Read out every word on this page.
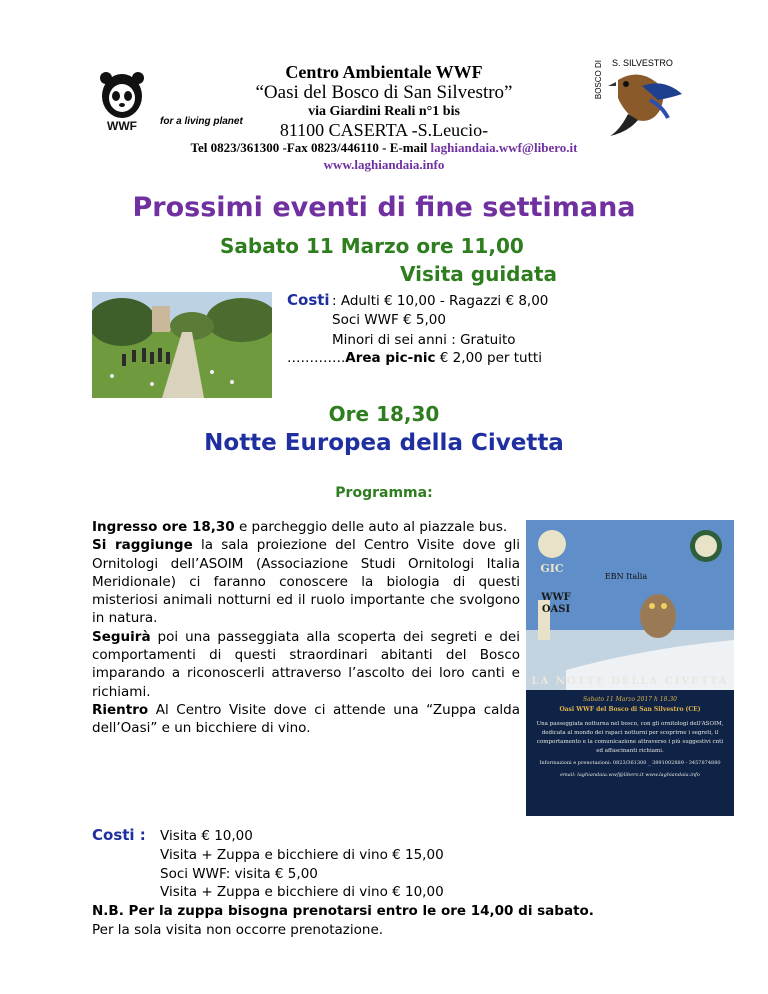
WWF for a living planet
Centro Ambientale WWF
“Oasi del Bosco di San Silvestro”
via Giardini Reali n°1 bis
81100 CASERTA -S.Leucio-
Tel 0823/361300 -Fax 0823/446110 - E-mail laghiandaia.wwf@libero.it
www.laghiandaia.info
BOSCO DI S. SILVESTRO
Prossimi eventi di fine settimana
Sabato 11 Marzo ore 11,00
Visita guidata
Costi : Adulti € 10,00 - Ragazzi € 8,00
Soci WWF € 5,00
Minori di sei anni : Gratuito
………….Area pic-nic € 2,00 per tutti
Ore 18,30
Notte Europea della Civetta
Programma:

Ingresso ore 18,30 e parcheggio delle auto al piazzale bus.

Si raggiunge la sala proiezione del Centro Visite dove gli Ornitologi dell’ASOIM (Associazione Studi Ornitologi Italia Meridionale) ci faranno conoscere la biologia di questi misteriosi animali notturni ed il ruolo importante che svolgono in natura.

Seguirà poi una passeggiata alla scoperta dei segreti e dei comportamenti di questi straordinari abitanti del Bosco imparando a riconoscerli attraverso l’ascolto dei loro canti e richiami.

Rientro Al Centro Visite dove ci attende una “Zuppa calda dell’Oasi” e un bicchiere di vino.

GIC
EBN Italia
WWF
OASI
LA NOTTE DELLA CIVETTA
Sabato 11 Marzo 2017 h 18.30
Oasi WWF del Bosco di San Silvestro (CE)
Una passeggiata notturna nel bosco, con gli ornitologi dell'ASOIM, dedicata al mondo dei rapaci notturni per scoprirne i segreti, il comportamento e la comunicazione attraverso i più suggestivi cnti ed affascinanti richiami.
Informazioni e prenotazioni: 0823/361300 _ 3891002889 - 3457874880
email: laghiandaia.wwf@libero.it www.laghiandaia.info
Costi : Visita € 10,00
Visita + Zuppa e bicchiere di vino € 15,00
Soci WWF: visita € 5,00
Visita + Zuppa e bicchiere di vino € 10,00
N.B. Per la zuppa bisogna prenotarsi entro le ore 14,00 di sabato.
Per la sola visita non occorre prenotazione.
